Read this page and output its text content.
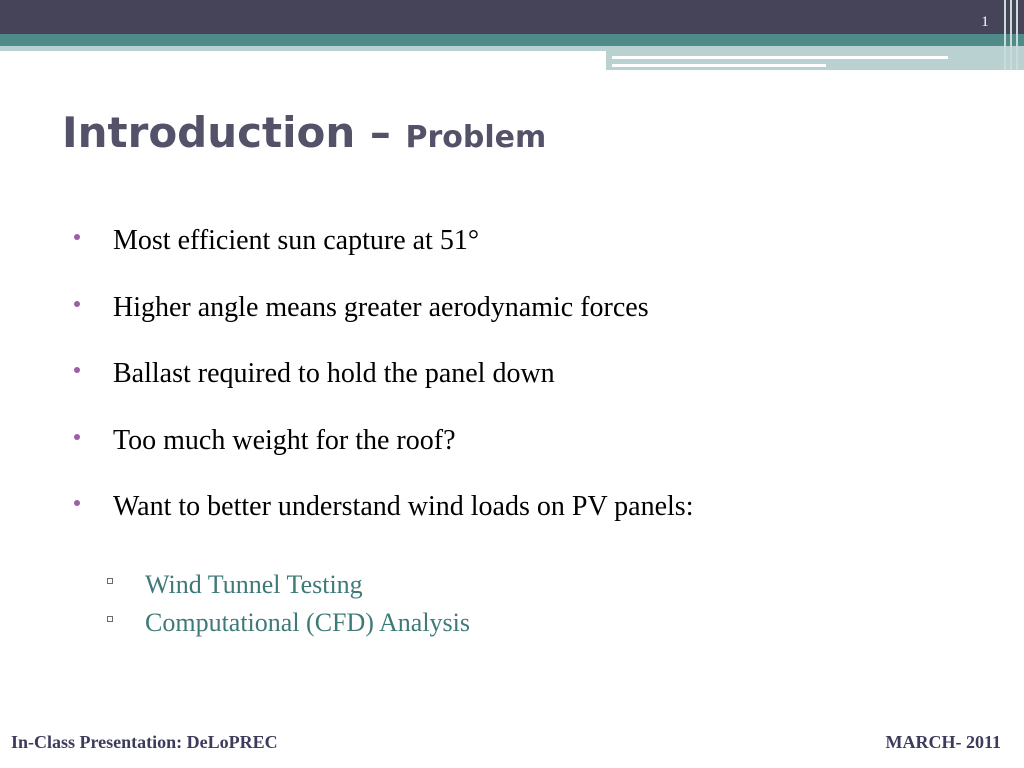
1
Introduction – Problem
Most efficient sun capture at 51°
Higher angle means greater aerodynamic forces
Ballast required to hold the panel down
Too much weight for the roof?
Want to better understand wind loads on PV panels:
Wind Tunnel Testing
Computational (CFD) Analysis
In-Class Presentation: DeLoPREC	MARCH- 2011
